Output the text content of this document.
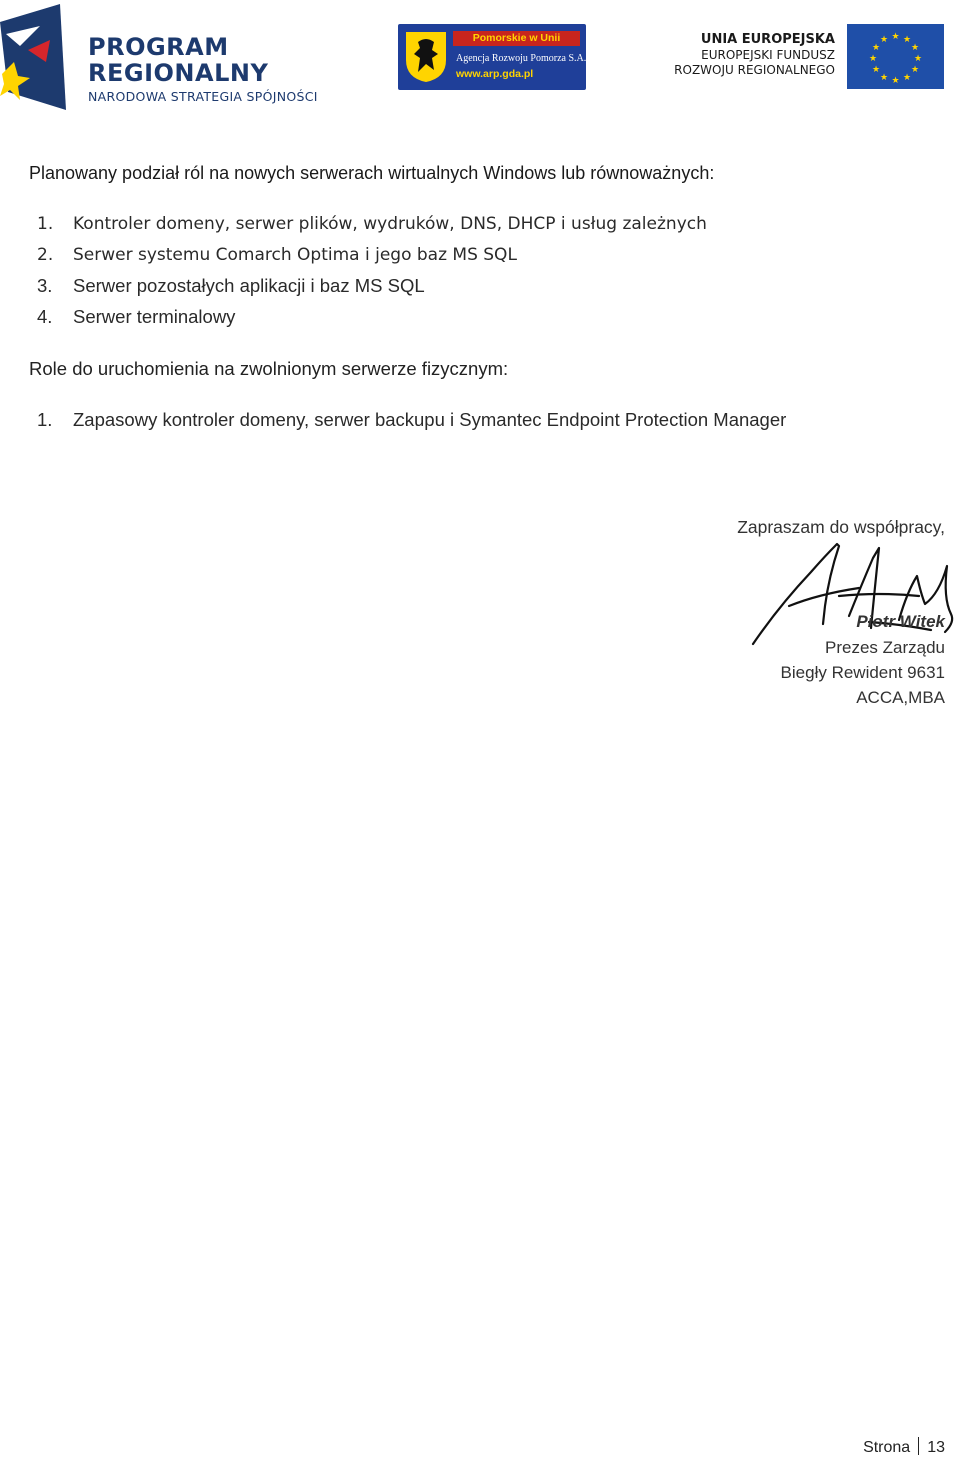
PROGRAM
REGIONALNY
NARODOWA STRATEGIA SPÓJNOŚCI
Pomorskie w Unii
Agencja Rozwoju Pomorza S.A.
www.arp.gda.pl
UNIA EUROPEJSKA
EUROPEJSKI FUNDUSZ
ROZWOJU REGIONALNEGO
★ ★
★
★
★
★
★
★
★
★
★
★
Planowany podział ról na nowych serwerach wirtualnych Windows lub równoważnych:
1. Kontroler domeny, serwer plików, wydruków, DNS, DHCP i usług zależnych
2. Serwer systemu Comarch Optima i jego baz MS SQL
3. Serwer pozostałych aplikacji i baz MS SQL
4. Serwer terminalowy
Role do uruchomienia na zwolnionym serwerze fizycznym:
1. Zapasowy kontroler domeny, serwer backupu i Symantec Endpoint Protection Manager
Zapraszam do współpracy,
Piotr Witek
Prezes Zarządu
Biegły Rewident 9631
ACCA,MBA
Strona 13
